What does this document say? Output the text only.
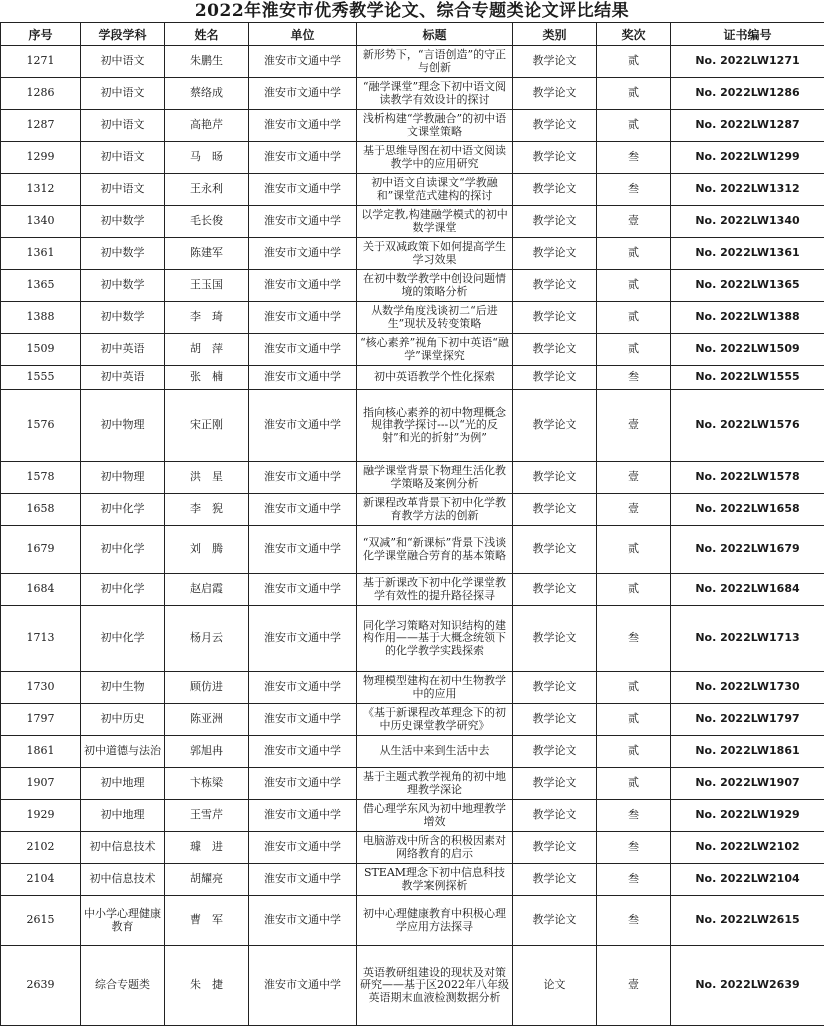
2022年淮安市优秀教学论文、综合专题类论文评比结果
序号	学段学科	姓名	单位	标题	类别	奖次	证书编号
1271	初中语文	朱鹏生	淮安市文通中学	新形势下，“言语创造”的守正与创新	教学论文	贰	No. 2022LW1271
1286	初中语文	蔡络成	淮安市文通中学	“融学课堂”理念下初中语文阅读教学有效设计的探讨	教学论文	贰	No. 2022LW1286
1287	初中语文	高艳芹	淮安市文通中学	浅析构建“学教融合”的初中语文课堂策略	教学论文	贰	No. 2022LW1287
1299	初中语文	马　旸	淮安市文通中学	基于思维导图在初中语文阅读教学中的应用研究	教学论文	叁	No. 2022LW1299
1312	初中语文	王永利	淮安市文通中学	初中语文自读课文“学教融和”课堂范式建构的探讨	教学论文	叁	No. 2022LW1312
1340	初中数学	毛长俊	淮安市文通中学	以学定教,构建融学模式的初中数学课堂	教学论文	壹	No. 2022LW1340
1361	初中数学	陈建军	淮安市文通中学	关于双减政策下如何提高学生学习效果	教学论文	贰	No. 2022LW1361
1365	初中数学	王玉国	淮安市文通中学	在初中数学教学中创设问题情境的策略分析	教学论文	贰	No. 2022LW1365
1388	初中数学	李　琦	淮安市文通中学	从数学角度浅谈初二“后进生”现状及转变策略	教学论文	贰	No. 2022LW1388
1509	初中英语	胡　萍	淮安市文通中学	“核心素养”视角下初中英语“融学”课堂探究	教学论文	贰	No. 2022LW1509
1555	初中英语	张　楠	淮安市文通中学	初中英语教学个性化探索	教学论文	叁	No. 2022LW1555
1576	初中物理	宋正刚	淮安市文通中学	指向核心素养的初中物理概念规律教学探讨---以“光的反射”和光的折射”为例”	教学论文	壹	No. 2022LW1576
1578	初中物理	洪　星	淮安市文通中学	融学课堂背景下物理生活化教学策略及案例分析	教学论文	壹	No. 2022LW1578
1658	初中化学	李　猊	淮安市文通中学	新课程改革背景下初中化学教育教学方法的创新	教学论文	壹	No. 2022LW1658
1679	初中化学	刘　腾	淮安市文通中学	“双减”和“新课标”背景下浅谈化学课堂融合劳育的基本策略	教学论文	贰	No. 2022LW1679
1684	初中化学	赵启霞	淮安市文通中学	基于新课改下初中化学课堂教学有效性的提升路径探寻	教学论文	贰	No. 2022LW1684
1713	初中化学	杨月云	淮安市文通中学	同化学习策略对知识结构的建构作用——基于大概念统领下的化学教学实践探索	教学论文	叁	No. 2022LW1713
1730	初中生物	顾仿进	淮安市文通中学	物理模型建构在初中生物教学中的应用	教学论文	贰	No. 2022LW1730
1797	初中历史	陈亚洲	淮安市文通中学	《基于新课程改革理念下的初中历史课堂教学研究》	教学论文	贰	No. 2022LW1797
1861	初中道德与法治	郭旭冉	淮安市文通中学	从生活中来到生活中去	教学论文	贰	No. 2022LW1861
1907	初中地理	卞栋梁	淮安市文通中学	基于主题式教学视角的初中地理教学深论	教学论文	贰	No. 2022LW1907
1929	初中地理	王雪芹	淮安市文通中学	借心理学东风为初中地理教学增效	教学论文	叁	No. 2022LW1929
2102	初中信息技术	璩　进	淮安市文通中学	电脑游戏中所含的积极因素对网络教育的启示	教学论文	叁	No. 2022LW2102
2104	初中信息技术	胡耀亮	淮安市文通中学	STEAM理念下初中信息科技教学案例探析	教学论文	叁	No. 2022LW2104
2615	中小学心理健康教育	曹　军	淮安市文通中学	初中心理健康教育中积极心理学应用方法探寻	教学论文	叁	No. 2022LW2615
2639	综合专题类	朱　捷	淮安市文通中学	英语教研组建设的现状及对策研究——基于区2022年八年级英语期末血液检测数据分析	论文	壹	No. 2022LW2639
